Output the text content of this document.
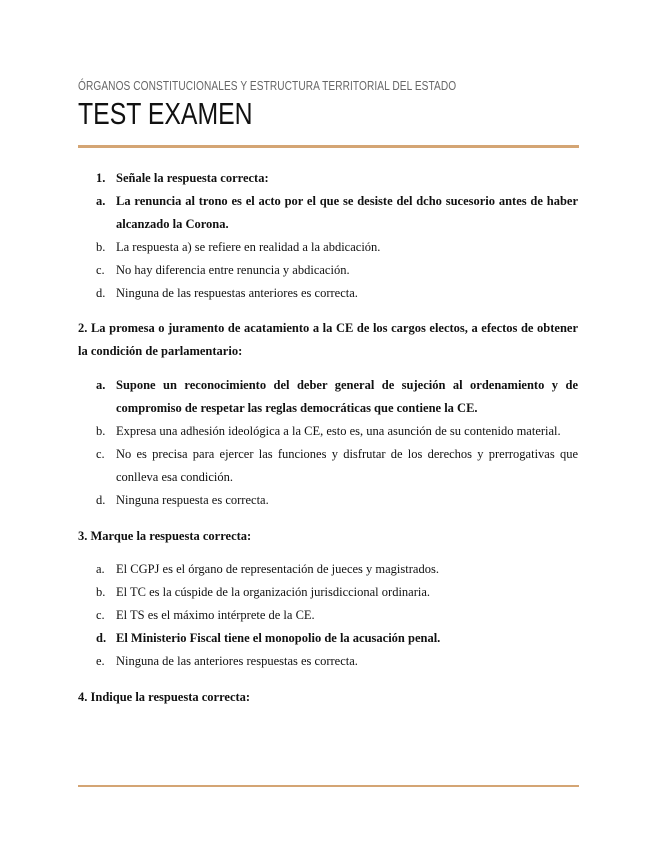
ÓRGANOS CONSTITUCIONALES Y ESTRUCTURA TERRITORIAL DEL ESTADO
TEST EXAMEN
1. Señale la respuesta correcta:
a. La renuncia al trono es el acto por el que se desiste del dcho sucesorio antes de haber alcanzado la Corona.
b. La respuesta a) se refiere en realidad a la abdicación.
c. No hay diferencia entre renuncia y abdicación.
d. Ninguna de las respuestas anteriores es correcta.
2. La promesa o juramento de acatamiento a la CE de los cargos electos, a efectos de obtener la condición de parlamentario:
a. Supone un reconocimiento del deber general de sujeción al ordenamiento y de compromiso de respetar las reglas democráticas que contiene la CE.
b. Expresa una adhesión ideológica a la CE, esto es, una asunción de su contenido material.
c. No es precisa para ejercer las funciones y disfrutar de los derechos y prerrogativas que conlleva esa condición.
d. Ninguna respuesta es correcta.
3. Marque la respuesta correcta:
a. El CGPJ es el órgano de representación de jueces y magistrados.
b. El TC es la cúspide de la organización jurisdiccional ordinaria.
c. El TS es el máximo intérprete de la CE.
d. El Ministerio Fiscal tiene el monopolio de la acusación penal.
e. Ninguna de las anteriores respuestas es correcta.
4. Indique la respuesta correcta:
